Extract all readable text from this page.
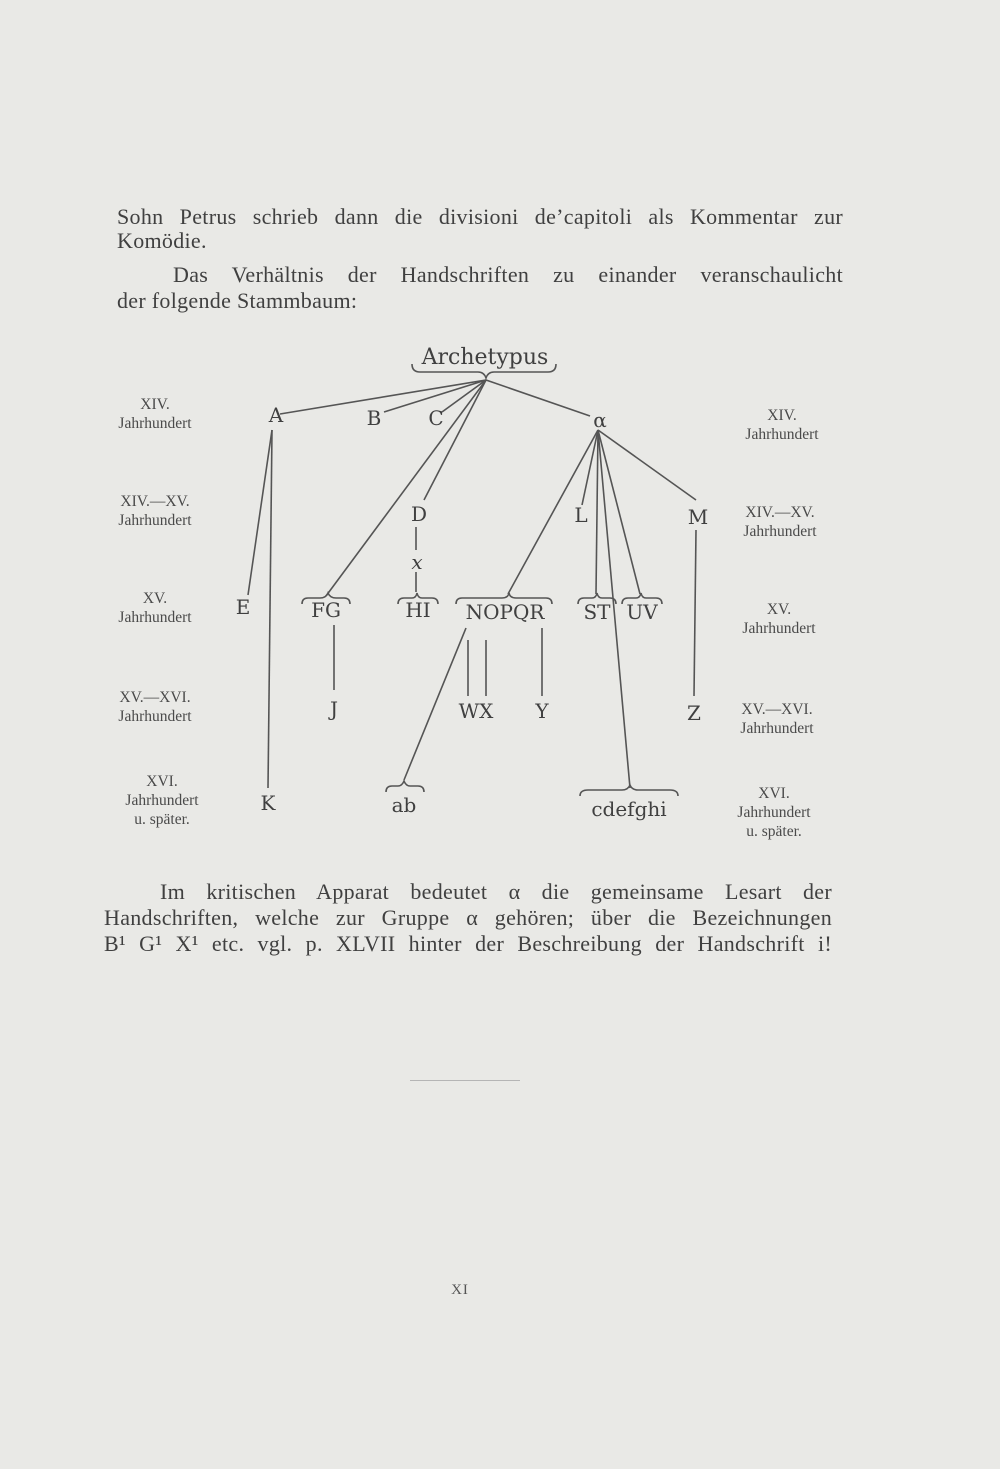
Sohn Petrus schrieb dann die divisioni de’capitoli als Kommentar zur
Komödie.
Das Verhältnis der Handschriften zu einander veranschaulicht
der folgende Stammbaum:
XIV.
Jahrhundert
XIV.—XV.
Jahrhundert
XV.
Jahrhundert
XV.—XVI.
Jahrhundert
XVI.
Jahrhundert
u. später.
XIV.
Jahrhundert
XIV.—XV.
Jahrhundert
XV.
Jahrhundert
XV.—XVI.
Jahrhundert
XVI.
Jahrhundert
u. später.
Archetypus
A	B C	α
D
x
L	M
E	FG	HI NOPQR ST UV
J	WX Y	Z
K	ab	cdefghi
Im kritischen Apparat bedeutet α die gemeinsame Lesart der
Handschriften, welche zur Gruppe α gehören; über die Bezeichnungen
B¹ G¹ X¹ etc. vgl. p. XLVII hinter der Beschreibung der Handschrift i!
XI
